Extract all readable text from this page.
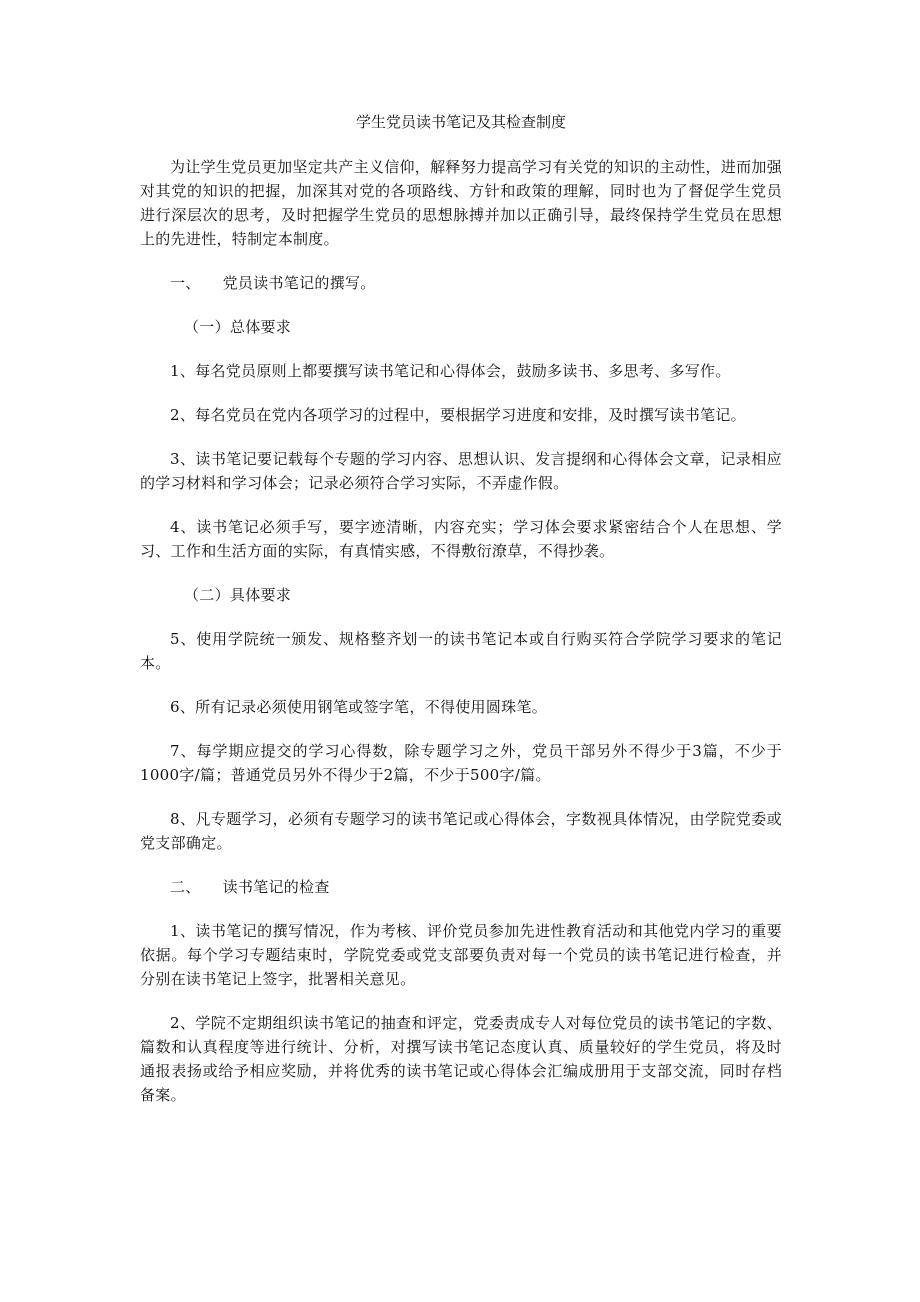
学生党员读书笔记及其检查制度

为让学生党员更加坚定共产主义信仰，解释努力提高学习有关党的知识的主动性，进而加强对其党的知识的把握，加深其对党的各项路线、方针和政策的理解，同时也为了督促学生党员进行深层次的思考，及时把握学生党员的思想脉搏并加以正确引导，最终保持学生党员在思想上的先进性，特制定本制度。

一、 党员读书笔记的撰写。
（一）总体要求

1、每名党员原则上都要撰写读书笔记和心得体会，鼓励多读书、多思考、多写作。

2、每名党员在党内各项学习的过程中，要根据学习进度和安排，及时撰写读书笔记。

3、读书笔记要记载每个专题的学习内容、思想认识、发言提纲和心得体会文章，记录相应的学习材料和学习体会；记录必须符合学习实际，不弄虚作假。

4、读书笔记必须手写，要字迹清晰，内容充实；学习体会要求紧密结合个人在思想、学习、工作和生活方面的实际，有真情实感，不得敷衍潦草，不得抄袭。

（二）具体要求

5、使用学院统一颁发、规格整齐划一的读书笔记本或自行购买符合学院学习要求的笔记本。

6、所有记录必须使用钢笔或签字笔，不得使用圆珠笔。

7、每学期应提交的学习心得数，除专题学习之外，党员干部另外不得少于3篇，不少于1000字/篇；普通党员另外不得少于2篇，不少于500字/篇。

8、凡专题学习，必须有专题学习的读书笔记或心得体会，字数视具体情况，由学院党委或党支部确定。

二、 读书笔记的检查

1、读书笔记的撰写情况，作为考核、评价党员参加先进性教育活动和其他党内学习的重要依据。每个学习专题结束时，学院党委或党支部要负责对每一个党员的读书笔记进行检查，并分别在读书笔记上签字，批署相关意见。

2、学院不定期组织读书笔记的抽查和评定，党委责成专人对每位党员的读书笔记的字数、篇数和认真程度等进行统计、分析，对撰写读书笔记态度认真、质量较好的学生党员，将及时通报表扬或给予相应奖励，并将优秀的读书笔记或心得体会汇编成册用于支部交流，同时存档备案。
